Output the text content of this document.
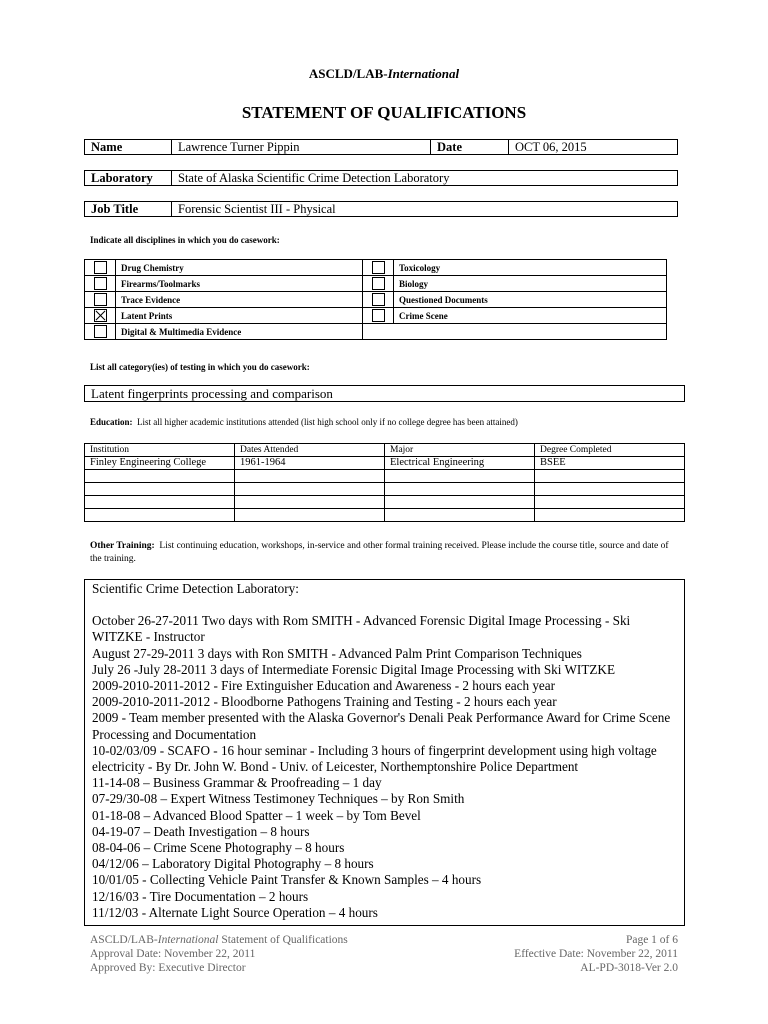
ASCLD/LAB-International
STATEMENT OF QUALIFICATIONS
Name	Lawrence Turner Pippin	Date	OCT 06, 2015
Laboratory	State of Alaska Scientific Crime Detection Laboratory
Job Title	Forensic Scientist III - Physical
Indicate all disciplines in which you do casework:
	Drug Chemistry		Toxicology
	Firearms/Toolmarks		Biology
	Trace Evidence		Questioned Documents
	Latent Prints		Crime Scene
	Digital & Multimedia Evidence		
List all category(ies) of testing in which you do casework:
Latent fingerprints processing and comparison
Education: List all higher academic institutions attended (list high school only if no college degree has been attained)
Institution	Dates Attended	Major	Degree Completed
Finley Engineering College	1961-1964	Electrical Engineering	BSEE

Other Training: List continuing education, workshops, in-service and other formal training received. Please include the course title, source and date of the training.

Scientific Crime Detection Laboratory:

October 26-27-2011 Two days with Rom SMITH - Advanced Forensic Digital Image Processing - Ski WITZKE - Instructor

August 27-29-2011 3 days with Ron SMITH - Advanced Palm Print Comparison Techniques

July 26 -July 28-2011 3 days of Intermediate Forensic Digital Image Processing with Ski WITZKE

2009-2010-2011-2012 - Fire Extinguisher Education and Awareness - 2 hours each year

2009-2010-2011-2012 - Bloodborne Pathogens Training and Testing - 2 hours each year

2009 - Team member presented with the Alaska Governor's Denali Peak Performance Award for Crime Scene Processing and Documentation

10-02/03/09 - SCAFO - 16 hour seminar - Including 3 hours of fingerprint development using high voltage electricity - By Dr. John W. Bond - Univ. of Leicester, Northemptonshire Police Department

11-14-08 – Business Grammar & Proofreading – 1 day

07-29/30-08 – Expert Witness Testimoney Techniques – by Ron Smith

01-18-08 – Advanced Blood Spatter – 1 week – by Tom Bevel

04-19-07 – Death Investigation – 8 hours

08-04-06 – Crime Scene Photography – 8 hours

04/12/06 – Laboratory Digital Photography – 8 hours

10/01/05 - Collecting Vehicle Paint Transfer & Known Samples – 4 hours

12/16/03 - Tire Documentation – 2 hours

11/12/03 - Alternate Light Source Operation – 4 hours

ASCLD/LAB-International Statement of Qualifications
Approval Date: November 22, 2011
Approved By: Executive Director
Page 1 of 6
Effective Date: November 22, 2011
AL-PD-3018-Ver 2.0
